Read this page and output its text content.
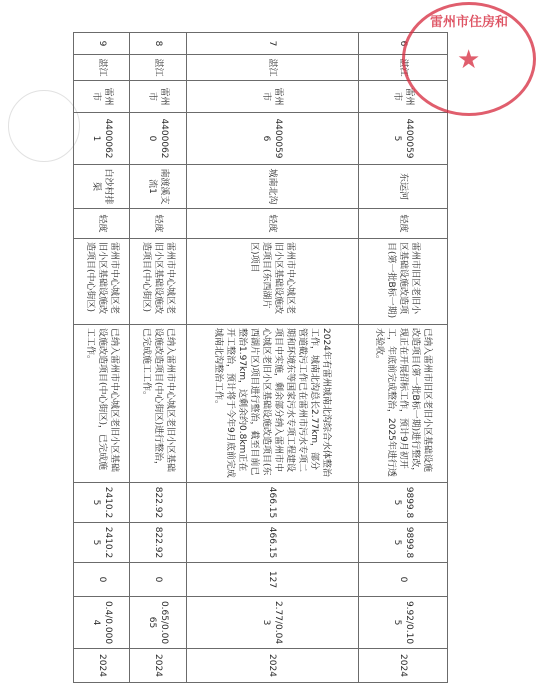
6	湛江	雷州市	44000595	东运河	轻度	雷州市旧区老旧小区基础设施改造项目(第一批B标一期)	已纳入雷州市旧区老旧小区基础设施改造项目(第一批B标一期)进行整改，现正在开展招标工作，预计9月初开工，年底前完成整治，2025年进行透水验收。	9899.85	9899.85	0	9.92/0.105	2024
7	湛江	雷州市	44000596	城南北沟	轻度	雷州市中心城区老旧小区基础设施改造项目(东西湖片区)项目	2024年有雷州城南北沟综合水体整治工作，城南北沟总长2.77km，部分管道截污工作已在雷州市污水专项二期和环境东等国家污水专项工程建设项目中实施，剩余部分纳入雷州市中心城区老旧小区基础设施改造项目(东西湖片区)项目进行整治，截至目前已整治1.97km，这剩余约0.8km正在开工整治，预计将于今年9月底前完成城南北沟整治工作。	466.15	466.15	127	2.77/0.043	2024
8	湛江	雷州市	44000620	南渡溪支流1	轻度	雷州市中心城区老旧小区基础设施改造项目(中心街区)	已纳入雷州市中心城区老旧小区基础设施改造项目(中心街区)进行整治，已完成施工工作。	822.92	822.92	0	0.65/0.0065	2024
9	湛江	雷州市	44000621	白沙村排渠	轻度	雷州市中心城区老旧小区基础设施改造项目(中心街区)	已纳入雷州市中心城区老旧小区基础设施改造项目(中心街区)，已完成施工工作。	2410.25	2410.25	0	0.4/0.0004	2024
雷州市住房和
★
